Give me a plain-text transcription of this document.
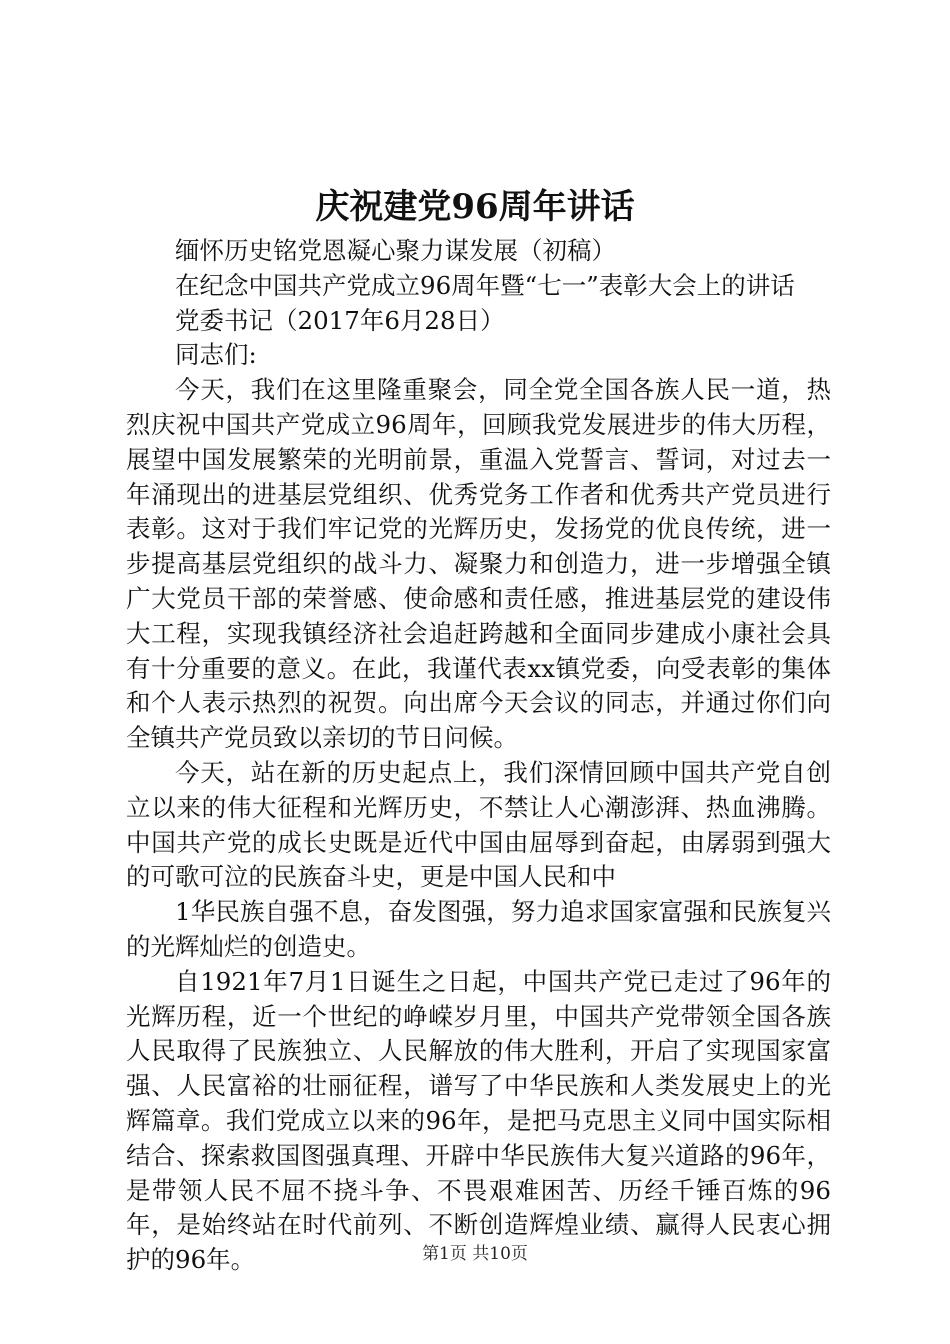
庆祝建党96周年讲话

缅怀历史铭党恩凝心聚力谋发展（初稿）

在纪念中国共产党成立96周年暨“七一”表彰大会上的讲话

党委书记（2017年6月28日）

同志们:

今天，我们在这里隆重聚会，同全党全国各族人民一道，热烈庆祝中国共产党成立96周年，回顾我党发展进步的伟大历程，展望中国发展繁荣的光明前景，重温入党誓言、誓词，对过去一年涌现出的进基层党组织、优秀党务工作者和优秀共产党员进行表彰。这对于我们牢记党的光辉历史，发扬党的优良传统，进一步提高基层党组织的战斗力、凝聚力和创造力，进一步增强全镇广大党员干部的荣誉感、使命感和责任感，推进基层党的建设伟大工程，实现我镇经济社会追赶跨越和全面同步建成小康社会具有十分重要的意义。在此，我谨代表xx镇党委，向受表彰的集体和个人表示热烈的祝贺。向出席今天会议的同志，并通过你们向全镇共产党员致以亲切的节日问候。

今天，站在新的历史起点上，我们深情回顾中国共产党自创立以来的伟大征程和光辉历史，不禁让人心潮澎湃、热血沸腾。中国共产党的成长史既是近代中国由屈辱到奋起，由孱弱到强大的可歌可泣的民族奋斗史，更是中国人民和中

1华民族自强不息，奋发图强，努力追求国家富强和民族复兴的光辉灿烂的创造史。

自1921年7月1日诞生之日起，中国共产党已走过了96年的光辉历程，近一个世纪的峥嵘岁月里，中国共产党带领全国各族人民取得了民族独立、人民解放的伟大胜利，开启了实现国家富强、人民富裕的壮丽征程，谱写了中华民族和人类发展史上的光辉篇章。我们党成立以来的96年，是把马克思主义同中国实际相结合、探索救国图强真理、开辟中华民族伟大复兴道路的96年，是带领人民不屈不挠斗争、不畏艰难困苦、历经千锤百炼的96年，是始终站在时代前列、不断创造辉煌业绩、赢得人民衷心拥护的96年。	第1页 共10页
